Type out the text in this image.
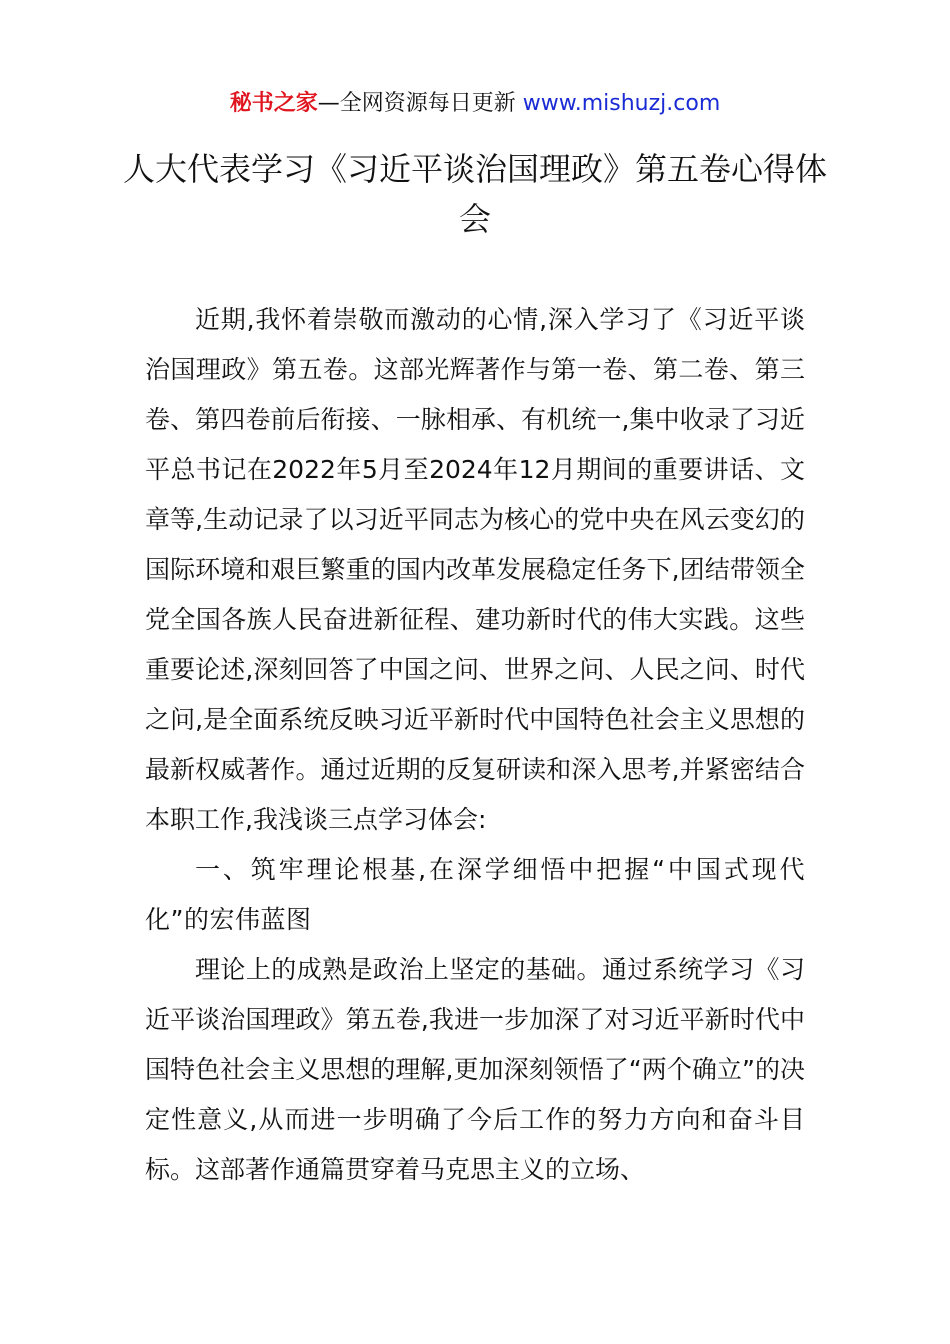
秘书之家—全网资源每日更新 www.mishuzj.com
人大代表学习《习近平谈治国理政》第五卷心得体会

近期,我怀着崇敬而激动的心情,深入学习了《习近平谈治国理政》第五卷。这部光辉著作与第一卷、第二卷、第三卷、第四卷前后衔接、一脉相承、有机统一,集中收录了习近平总书记在2022年5月至2024年12月期间的重要讲话、文章等,生动记录了以习近平同志为核心的党中央在风云变幻的国际环境和艰巨繁重的国内改革发展稳定任务下,团结带领全党全国各族人民奋进新征程、建功新时代的伟大实践。这些重要论述,深刻回答了中国之问、世界之问、人民之问、时代之问,是全面系统反映习近平新时代中国特色社会主义思想的最新权威著作。通过近期的反复研读和深入思考,并紧密结合本职工作,我浅谈三点学习体会:

一、筑牢理论根基,在深学细悟中把握“中国式现代化”的宏伟蓝图

理论上的成熟是政治上坚定的基础。通过系统学习《习近平谈治国理政》第五卷,我进一步加深了对习近平新时代中国特色社会主义思想的理解,更加深刻领悟了“两个确立”的决定性意义,从而进一步明确了今后工作的努力方向和奋斗目标。这部著作通篇贯穿着马克思主义的立场、
